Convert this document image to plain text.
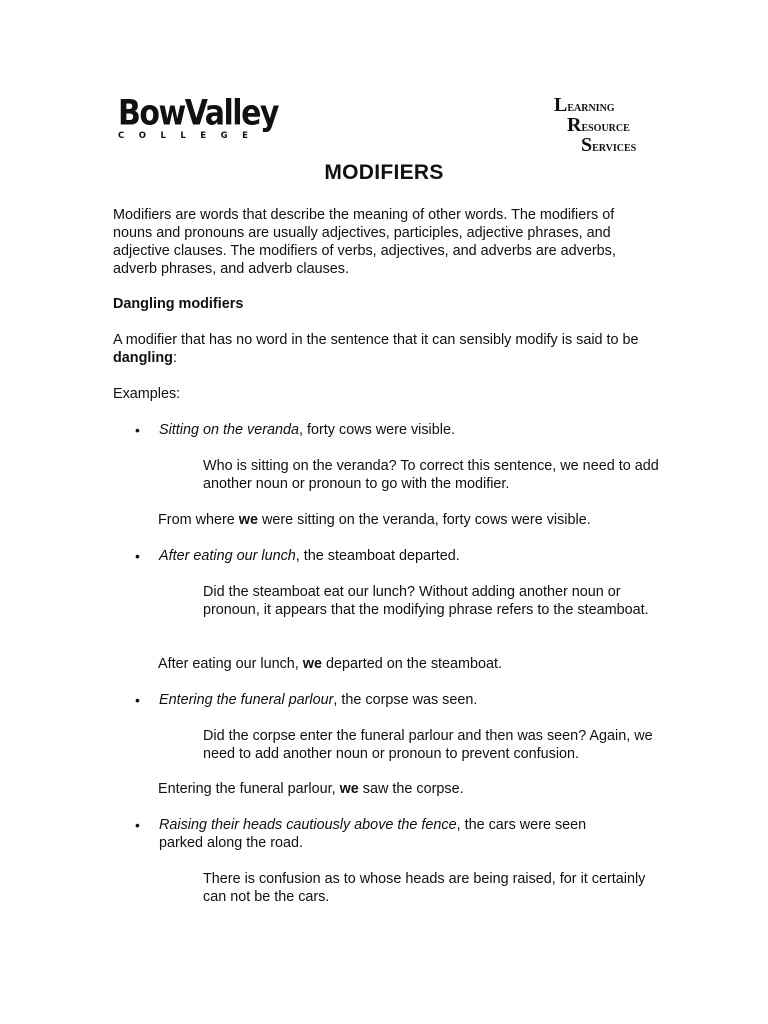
BowValley
COLLEGE
Learning
Resource
Services
MODIFIERS
Modifiers are words that describe the meaning of other words. The modifiers of nouns and pronouns are usually adjectives, participles, adjective phrases, and adjective clauses. The modifiers of verbs, adjectives, and adverbs are adverbs, adverb phrases, and adverb clauses.
Dangling modifiers
A modifier that has no word in the sentence that it can sensibly modify is said to be dangling:
Examples:
• Sitting on the veranda, forty cows were visible.
Who is sitting on the veranda? To correct this sentence, we need to add another noun or pronoun to go with the modifier.
From where we were sitting on the veranda, forty cows were visible.
• After eating our lunch, the steamboat departed.
Did the steamboat eat our lunch? Without adding another noun or pronoun, it appears that the modifying phrase refers to the steamboat.
After eating our lunch, we departed on the steamboat.
• Entering the funeral parlour, the corpse was seen.
Did the corpse enter the funeral parlour and then was seen? Again, we need to add another noun or pronoun to prevent confusion.
Entering the funeral parlour, we saw the corpse.
• Raising their heads cautiously above the fence, the cars were seen parked along the road.
There is confusion as to whose heads are being raised, for it certainly can not be the cars.
